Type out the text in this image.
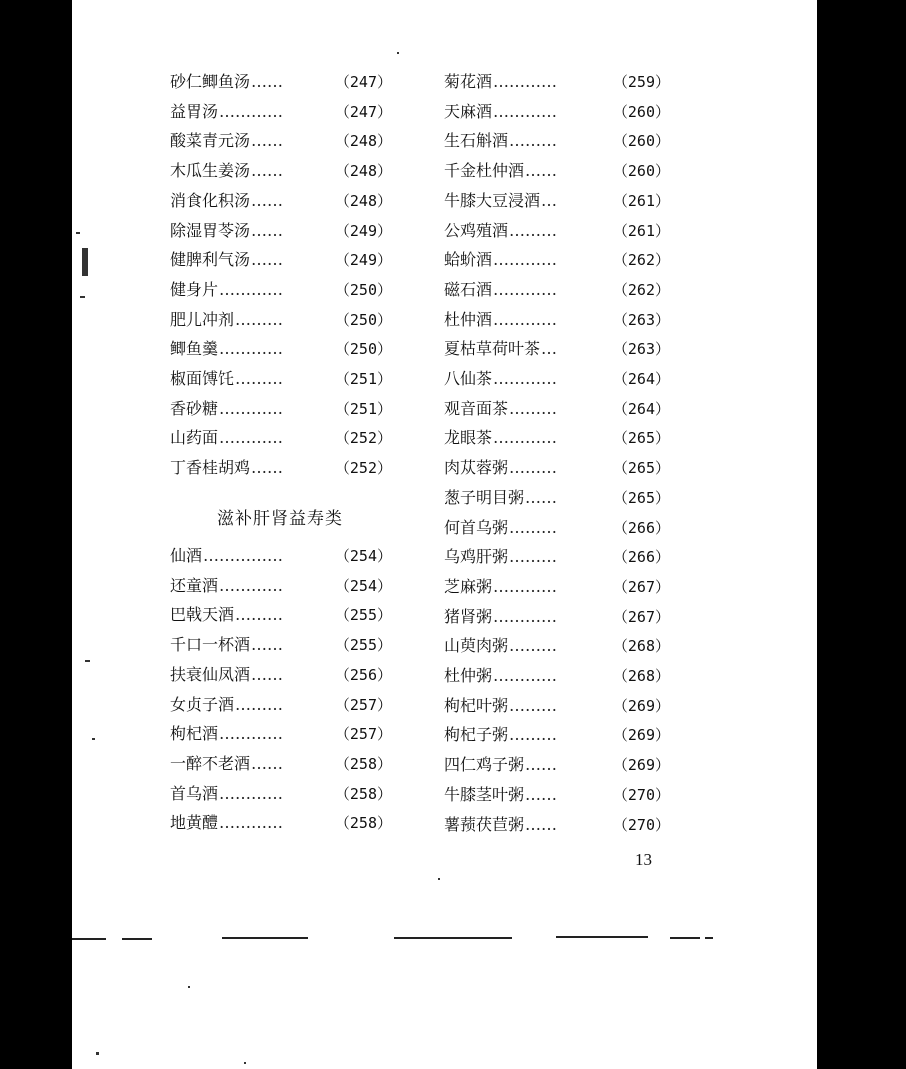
砂仁鲫鱼汤 ……	（247）
益胃汤 …………	（247）
酸菜青元汤 ……	（248）
木瓜生姜汤 ……	（248）
消食化积汤 ……	（248）
除湿胃苓汤 ……	（249）
健脾利气汤 ……	（249）
健身片 …………	（250）
肥儿冲剂 ………	（250）
鲫鱼羹 …………	（250）
椒面馎饦 ………	（251）
香砂糖 …………	（251）
山药面 …………	（252）
丁香桂胡鸡 ……	（252）
滋补肝肾益寿类
仙酒 ……………	（254）
还童酒 …………	（254）
巴戟天酒 ………	（255）
千口一杯酒 ……	（255）
扶衰仙凤酒 ……	（256）
女贞子酒 ………	（257）
枸杞酒 …………	（257）
一醉不老酒 ……	（258）
首乌酒 …………	（258）
地黄醴 …………	（258）
菊花酒 …………	（259）
天麻酒 …………	（260）
生石斛酒 ………	（260）
千金杜仲酒 ……	（260）
牛膝大豆浸酒 …	（261）
公鸡殖酒 ………	（261）
蛤蚧酒 …………	（262）
磁石酒 …………	（262）
杜仲酒 …………	（263）
夏枯草荷叶茶 …	（263）
八仙茶 …………	（264）
观音面茶 ………	（264）
龙眼茶 …………	（265）
肉苁蓉粥 ………	（265）
葱子明目粥 ……	（265）
何首乌粥 ………	（266）
乌鸡肝粥 ………	（266）
芝麻粥 …………	（267）
猪肾粥 …………	（267）
山萸肉粥 ………	（268）
杜仲粥 …………	（268）
枸杞叶粥 ………	（269）
枸杞子粥 ………	（269）
四仁鸡子粥 ……	（269）
牛膝茎叶粥 ……	（270）
薯蓣茯苣粥 ……	（270）
13
